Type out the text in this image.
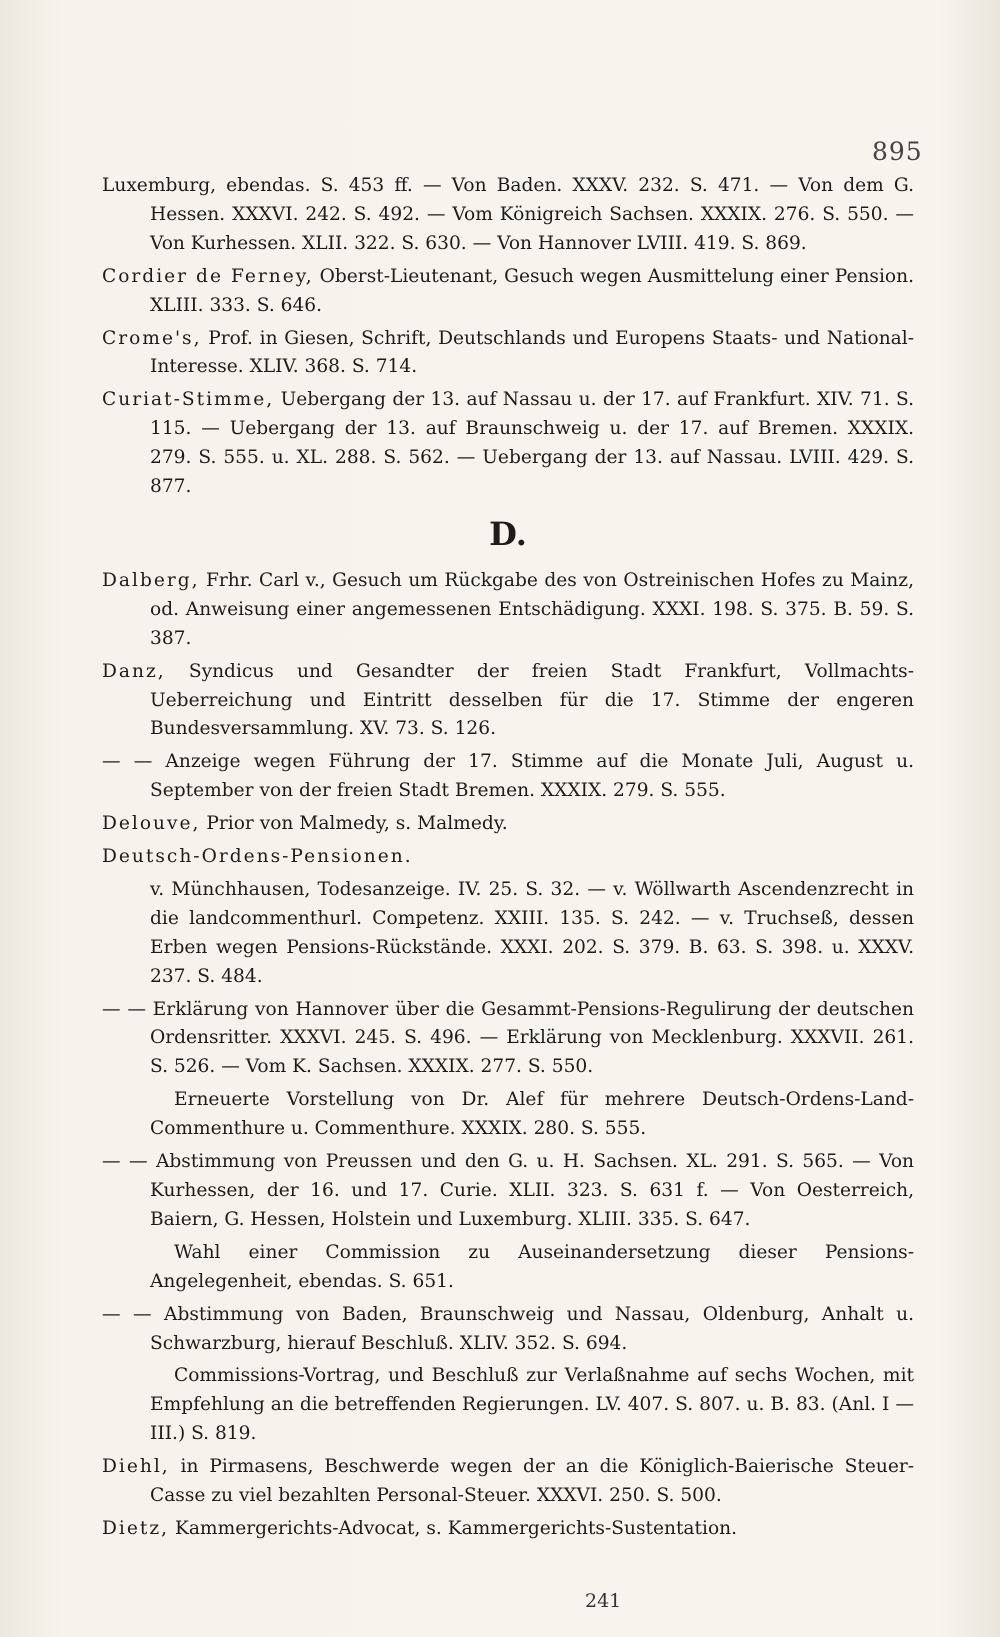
895

Luxemburg, ebendas. S. 453 ff. — Von Baden. XXXV. 232. S. 471. — Von dem G. Hessen. XXXVI. 242. S. 492. — Vom Königreich Sachsen. XXXIX. 276. S. 550. — Von Kurhessen. XLII. 322. S. 630. — Von Hannover LVIII. 419. S. 869.

Cordier de Ferney, Oberst-Lieutenant, Gesuch wegen Ausmittelung einer Pension. XLIII. 333. S. 646.

Crome's, Prof. in Giesen, Schrift, Deutschlands und Europens Staats- und National-Interesse. XLIV. 368. S. 714.

Curiat-Stimme, Uebergang der 13. auf Nassau u. der 17. auf Frankfurt. XIV. 71. S. 115. — Uebergang der 13. auf Braunschweig u. der 17. auf Bremen. XXXIX. 279. S. 555. u. XL. 288. S. 562. — Uebergang der 13. auf Nassau. LVIII. 429. S. 877.

D.

Dalberg, Frhr. Carl v., Gesuch um Rückgabe des von Ostreinischen Hofes zu Mainz, od. Anweisung einer angemessenen Entschädigung. XXXI. 198. S. 375. B. 59. S. 387.

Danz, Syndicus und Gesandter der freien Stadt Frankfurt, Vollmachts-Ueberreichung und Eintritt desselben für die 17. Stimme der engeren Bundesversammlung. XV. 73. S. 126.

— — Anzeige wegen Führung der 17. Stimme auf die Monate Juli, August u. September von der freien Stadt Bremen. XXXIX. 279. S. 555.

Delouve, Prior von Malmedy, s. Malmedy.

Deutsch-Ordens-Pensionen.

v. Münchhausen, Todesanzeige. IV. 25. S. 32. — v. Wöllwarth Ascendenzrecht in die landcommenthurl. Competenz. XXIII. 135. S. 242. — v. Truchseß, dessen Erben wegen Pensions-Rückstände. XXXI. 202. S. 379. B. 63. S. 398. u. XXXV. 237. S. 484.

— — Erklärung von Hannover über die Gesammt-Pensions-Regulirung der deutschen Ordensritter. XXXVI. 245. S. 496. — Erklärung von Mecklenburg. XXXVII. 261. S. 526. — Vom K. Sachsen. XXXIX. 277. S. 550.

Erneuerte Vorstellung von Dr. Alef für mehrere Deutsch-Ordens-Land-Commenthure u. Commenthure. XXXIX. 280. S. 555.

— — Abstimmung von Preussen und den G. u. H. Sachsen. XL. 291. S. 565. — Von Kurhessen, der 16. und 17. Curie. XLII. 323. S. 631 f. — Von Oesterreich, Baiern, G. Hessen, Holstein und Luxemburg. XLIII. 335. S. 647.

Wahl einer Commission zu Auseinandersetzung dieser Pensions-Angelegenheit, ebendas. S. 651.

— — Abstimmung von Baden, Braunschweig und Nassau, Oldenburg, Anhalt u. Schwarzburg, hierauf Beschluß. XLIV. 352. S. 694.

Commissions-Vortrag, und Beschluß zur Verlaßnahme auf sechs Wochen, mit Empfehlung an die betreffenden Regierungen. LV. 407. S. 807. u. B. 83. (Anl. I — III.) S. 819.

Diehl, in Pirmasens, Beschwerde wegen der an die Königlich-Baierische Steuer-Casse zu viel bezahlten Personal-Steuer. XXXVI. 250. S. 500.

Dietz, Kammergerichts-Advocat, s. Kammergerichts-Sustentation.

241
